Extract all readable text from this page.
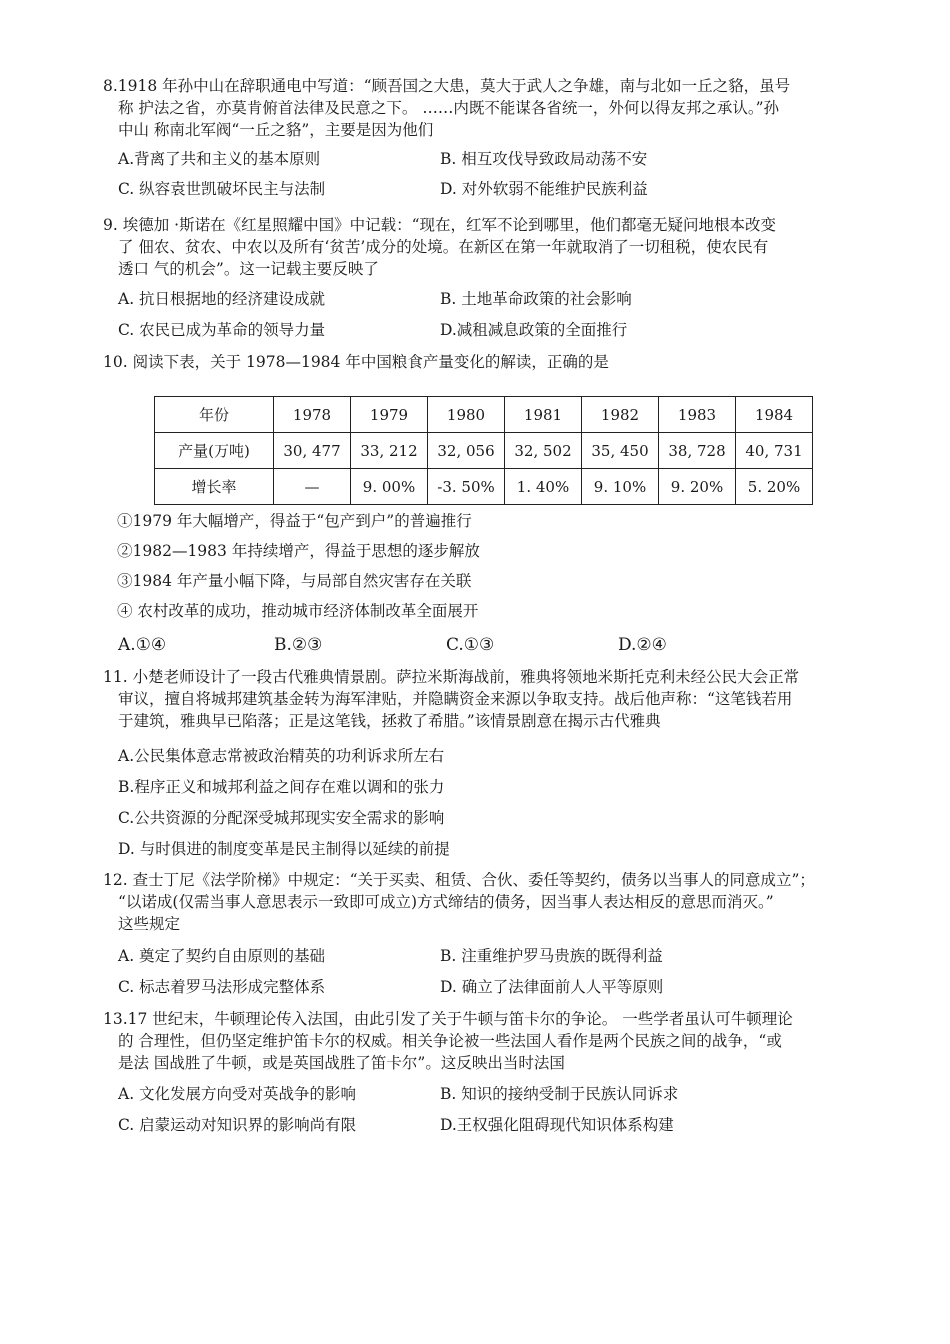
8.1918 年孙中山在辞职通电中写道：“顾吾国之大患，莫大于武人之争雄，南与北如一丘之貉，虽号
称 护法之省，亦莫肯俯首法律及民意之下。 ……内既不能谋各省统一，外何以得友邦之承认。”孙
中山 称南北军阀“一丘之貉”，主要是因为他们
A.背离了共和主义的基本原则	B. 相互攻伐导致政局动荡不安
C. 纵容袁世凯破坏民主与法制	D. 对外软弱不能维护民族利益
9. 埃德加 ·斯诺在《红星照耀中国》中记载：“现在，红军不论到哪里，他们都毫无疑问地根本改变
了 佃农、贫农、中农以及所有‘贫苦’成分的处境。在新区在第一年就取消了一切租税，使农民有
透口 气的机会”。这一记载主要反映了
A. 抗日根据地的经济建设成就	B. 土地革命政策的社会影响
C. 农民已成为革命的领导力量	D.减租减息政策的全面推行
10. 阅读下表，关于 1978—1984 年中国粮食产量变化的解读，正确的是
年份	1978	1979	1980	1981	1982	1983	1984
产量(万吨)	30, 477	33, 212	32, 056	32, 502	35, 450	38, 728	40, 731
增长率	—	9. 00%	-3. 50%	1. 40%	9. 10%	9. 20%	5. 20%
①1979 年大幅增产，得益于“包产到户”的普遍推行
②1982—1983 年持续增产，得益于思想的逐步解放
③1984 年产量小幅下降，与局部自然灾害存在关联
④ 农村改革的成功，推动城市经济体制改革全面展开
A.①④	B.②③	C.①③	D.②④
11. 小楚老师设计了一段古代雅典情景剧。萨拉米斯海战前，雅典将领地米斯托克利未经公民大会正常
审议，擅自将城邦建筑基金转为海军津贴，并隐瞒资金来源以争取支持。战后他声称：“这笔钱若用
于建筑，雅典早已陷落；正是这笔钱，拯救了希腊。”该情景剧意在揭示古代雅典
A.公民集体意志常被政治精英的功利诉求所左右
B.程序正义和城邦利益之间存在难以调和的张力
C.公共资源的分配深受城邦现实安全需求的影响
D. 与时俱进的制度变革是民主制得以延续的前提
12. 查士丁尼《法学阶梯》中规定：“关于买卖、租赁、合伙、委任等契约，债务以当事人的同意成立”；
“以诺成(仅需当事人意思表示一致即可成立)方式缔结的债务，因当事人表达相反的意思而消灭。”
这些规定
A. 奠定了契约自由原则的基础	B. 注重维护罗马贵族的既得利益
C. 标志着罗马法形成完整体系	D. 确立了法律面前人人平等原则
13.17 世纪末，牛顿理论传入法国，由此引发了关于牛顿与笛卡尔的争论。 一些学者虽认可牛顿理论
的 合理性，但仍坚定维护笛卡尔的权威。相关争论被一些法国人看作是两个民族之间的战争，“或
是法 国战胜了牛顿，或是英国战胜了笛卡尔”。这反映出当时法国
A. 文化发展方向受对英战争的影响	B. 知识的接纳受制于民族认同诉求
C. 启蒙运动对知识界的影响尚有限	D.王权强化阻碍现代知识体系构建
